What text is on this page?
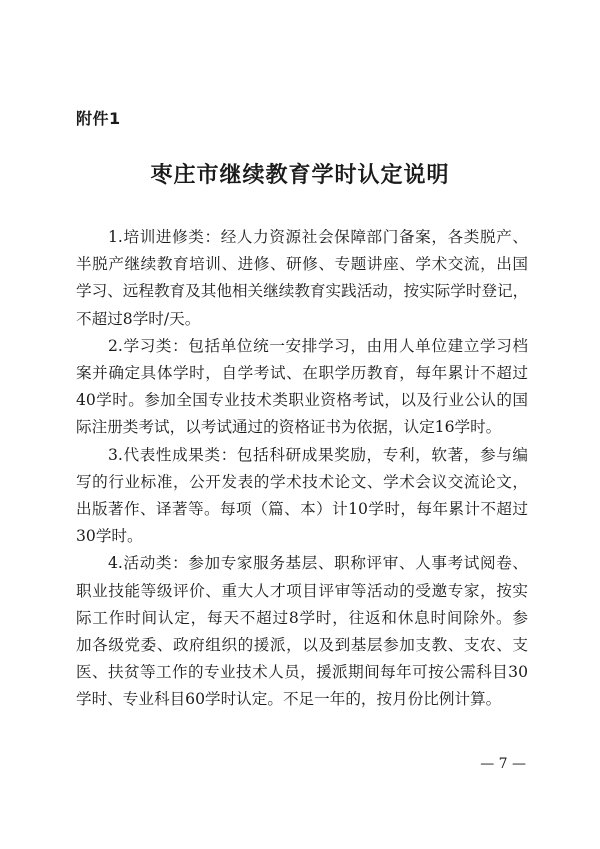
附件1
枣庄市继续教育学时认定说明

1.培训进修类：经人力资源社会保障部门备案，各类脱产、

半脱产继续教育培训、进修、研修、专题讲座、学术交流，出国

学习、远程教育及其他相关继续教育实践活动，按实际学时登记，

不超过8学时/天。

2.学习类：包括单位统一安排学习，由用人单位建立学习档

案并确定具体学时，自学考试、在职学历教育，每年累计不超过

40学时。参加全国专业技术类职业资格考试，以及行业公认的国

际注册类考试，以考试通过的资格证书为依据，认定16学时。

3.代表性成果类：包括科研成果奖励，专利，软著，参与编

写的行业标准，公开发表的学术技术论文、学术会议交流论文，

出版著作、译著等。每项（篇、本）计10学时，每年累计不超过

30学时。

4.活动类：参加专家服务基层、职称评审、人事考试阅卷、

职业技能等级评价、重大人才项目评审等活动的受邀专家，按实

际工作时间认定，每天不超过8学时，往返和休息时间除外。参

加各级党委、政府组织的援派，以及到基层参加支教、支农、支

医、扶贫等工作的专业技术人员，援派期间每年可按公需科目30

学时、专业科目60学时认定。不足一年的，按月份比例计算。

— 7 —
